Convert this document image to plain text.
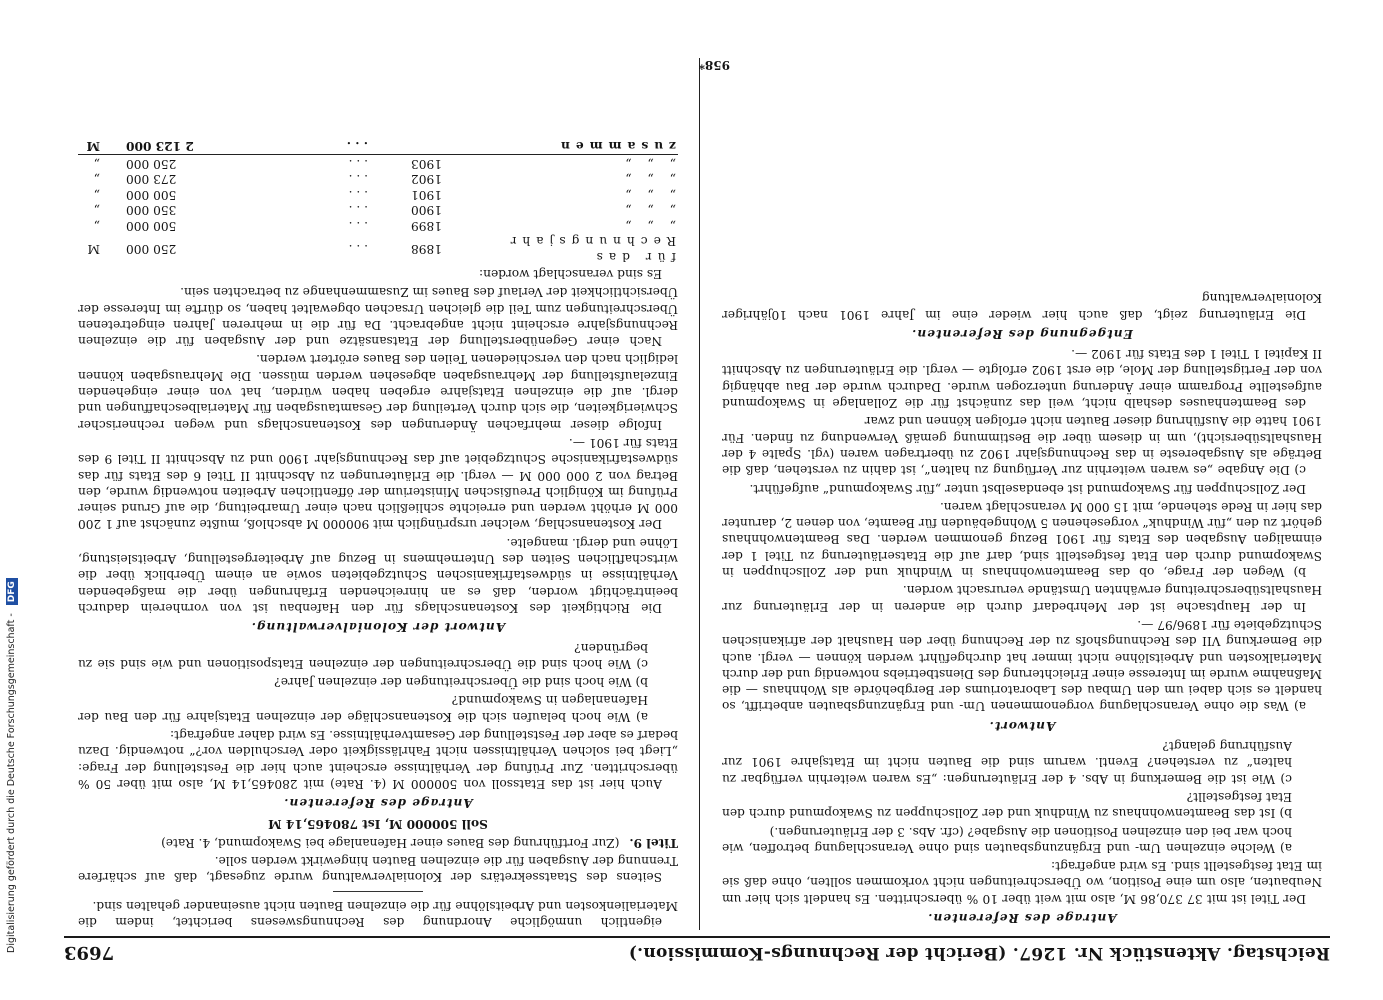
Reichstag. Aktenstück Nr. 1267. (Bericht der Rechnungs-Kommission.)
7693

Antrage des Referenten.

Der Titel ist mit 37 370,86 M, also mit weit über 10 % überschritten. Es handelt sich hier um Neubauten, also um eine Position, wo Überschreitungen nicht vorkommen sollten, ohne daß sie im Etat festgestellt sind. Es wird angefragt:

a) Welche einzelnen Um- und Ergänzungsbauten sind ohne Veranschlagung betroffen, wie hoch war bei den einzelnen Positionen die Ausgabe? (cfr. Abs. 3 der Erläuterungen.)

b) Ist das Beamtenwohnhaus zu Windhuk und der Zollschuppen zu Swakopmund durch den Etat festgestellt?

c) Wie ist die Bemerkung in Abs. 4 der Erläuterungen: „Es waren weiterhin verfügbar zu halten“ zu verstehen? Eventl. warum sind die Bauten nicht im Etatsjahre 1901 zur Ausführung gelangt?

Antwort.

a) Was die ohne Veranschlagung vorgenommenen Um- und Ergänzungsbauten anbetrifft, so handelt es sich dabei um den Umbau des Laboratoriums der Bergbehörde als Wohnhaus — die Maßnahme wurde im Interesse einer Erleichterung des Dienstbetriebs notwendig und der durch Materialkosten und Arbeitslöhne nicht immer hat durchgeführt werden können — vergl. auch die Bemerkung VII des Rechnungshofs zu der Rechnung über den Haushalt der afrikanischen Schutzgebiete für 1896/97 —.

In der Hauptsache ist der Mehrbedarf durch die anderen in der Erläuterung zur Haushaltsüberschreitung erwähnten Umstände verursacht worden.

b) Wegen der Frage, ob das Beamtenwohnhaus in Windhuk und der Zollschuppen in Swakopmund durch den Etat festgestellt sind, darf auf die Etatserläuterung zu Titel 1 der einmaligen Ausgaben des Etats für 1901 Bezug genommen werden. Das Beamtenwohnhaus gehört zu den „für Windhuk“ vorgesehenen 5 Wohngebäuden für Beamte, von denen 2, darunter das hier in Rede stehende, mit 15 000 M veranschlagt waren.

Der Zollschuppen für Swakopmund ist ebendaselbst unter „für Swakopmund“ aufgeführt.

c) Die Angabe „es waren weiterhin zur Verfügung zu halten“, ist dahin zu verstehen, daß die Beträge als Ausgabereste in das Rechnungsjahr 1902 zu übertragen waren (vgl. Spalte 4 der Haushaltsübersicht), um in diesem über die Bestimmung gemäß Verwendung zu finden. Für 1901 hatte die Ausführung dieser Bauten nicht erfolgen können und zwar

des Beamtenhauses deshalb nicht, weil das zunächst für die Zollanlage in Swakopmund aufgestellte Programm einer Änderung unterzogen wurde. Dadurch wurde der Bau abhängig von der Fertigstellung der Mole, die erst 1902 erfolgte — vergl. die Erläuterungen zu Abschnitt II Kapitel 1 Titel 1 des Etats für 1902 —.

Entgegnung des Referenten.

Die Erläuterung zeigt, daß auch hier wieder eine im Jahre 1901 nach 10jähriger Kolonialverwaltung

eigentlich unmögliche Anordnung des Rechnungswesens berichtet, indem die Materialienkosten und Arbeitslöhne für die einzelnen Bauten nicht auseinander gehalten sind.

Seitens des Staatssekretärs der Kolonialverwaltung wurde zugesagt, daß auf schärfere Trennung der Ausgaben für die einzelnen Bauten hingewirkt werden solle.

Titel 9. (Zur Fortführung des Baues einer Hafenanlage bei Swakopmund, 4. Rate)

Soll 500000 M, Ist 780465,14 M

Antrage des Referenten.

Auch hier ist das Etatssoll von 500000 M (4. Rate) mit 280465,14 M, also mit über 50 % überschritten. Zur Prüfung der Verhältnisse erscheint auch hier die Feststellung der Frage: „Liegt bei solchen Verhältnissen nicht Fahrlässigkeit oder Verschulden vor?“ notwendig. Dazu bedarf es aber der Feststellung der Gesamtverhältnisse. Es wird daher angefragt:

a) Wie hoch belaufen sich die Kostenanschläge der einzelnen Etatsjahre für den Bau der Hafenanlagen in Swakopmund?

b) Wie hoch sind die Überschreitungen der einzelnen Jahre?

c) Wie hoch sind die Überschreitungen der einzelnen Etatspositionen und wie sind sie zu begründen?

Antwort der Kolonialverwaltung.

Die Richtigkeit des Kostenanschlags für den Hafenbau ist von vornherein dadurch beeinträchtigt worden, daß es an hinreichenden Erfahrungen über die maßgebenden Verhältnisse in südwestafrikanischen Schutzgebieten sowie an einem Überblick über die wirtschaftlichen Seiten des Unternehmens in Bezug auf Arbeitergestellung, Arbeitsleistung, Löhne und dergl. mangelte.

Der Kostenanschlag, welcher ursprünglich mit 900000 M abschloß, mußte zunächst auf 1 200 000 M erhöht werden und erreichte schließlich nach einer Umarbeitung, die auf Grund seiner Prüfung im Königlich Preußischen Ministerium der öffentlichen Arbeiten notwendig wurde, den Betrag von 2 000 000 M — vergl. die Erläuterungen zu Abschnitt II Titel 6 des Etats für das südwestafrikanische Schutzgebiet auf das Rechnungsjahr 1900 und zu Abschnitt II Titel 9 des Etats für 1901 —.

Infolge dieser mehrfachen Änderungen des Kostenanschlags und wegen rechnerischer Schwierigkeiten, die sich durch Verteilung der Gesamtausgaben für Materialbeschaffungen und dergl. auf die einzelnen Etatsjahre ergeben haben würden, hat von einer eingehenden Einzelaufstellung der Mehrausgaben abgesehen werden müssen. Die Mehrausgaben können lediglich nach den verschiedenen Teilen des Baues erörtert werden.

Nach einer Gegenüberstellung der Etatsansätze und der Ausgaben für die einzelnen Rechnungsjahre erscheint nicht angebracht. Da für die in mehreren Jahren eingetretenen Überschreitungen zum Teil die gleichen Ursachen obgewaltet haben, so dürfte im Interesse der Übersichtlichkeit der Verlauf des Baues im Zusammenhange zu betrachten sein.

Es sind veranschlagt worden:

für das Rechnungsjahr	1898	. . .	250 000	M
„ „ „	1899	. . .	500 000	„
„ „ „	1900	. . .	350 000	„
„ „ „	1901	. . .	500 000	„
„ „ „	1902	. . .	273 000	„
„ „ „	1903	. . .	250 000	„
zusammen		. . .	2 123 000	M
958*
Digitalisierung gefördert durch die Deutsche Forschungsgemeinschaft -
DFG
